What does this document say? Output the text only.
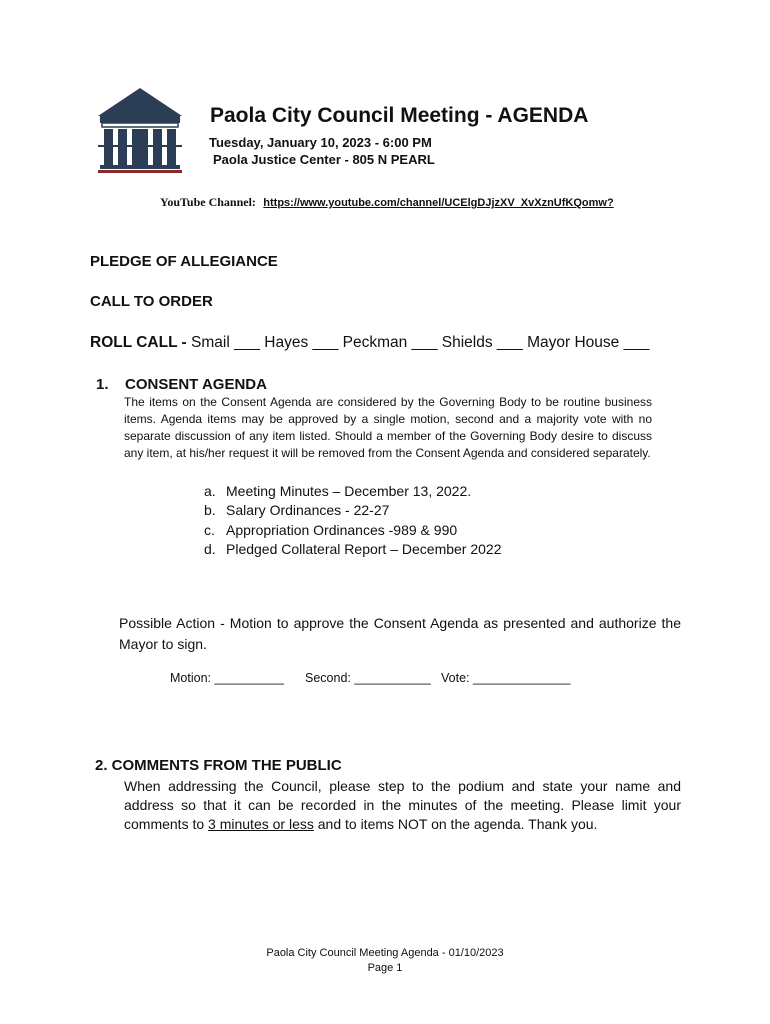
Paola City Council Meeting - AGENDA
Tuesday, January 10, 2023 - 6:00 PM
Paola Justice Center - 805 N PEARL
YouTube Channel: https://www.youtube.com/channel/UCElgDJjzXV_XvXznUfKQomw?
PLEDGE OF ALLEGIANCE
CALL TO ORDER
ROLL CALL - Smail ___ Hayes ___ Peckman ___ Shields ___ Mayor House ___
1. CONSENT AGENDA
The items on the Consent Agenda are considered by the Governing Body to be routine business items. Agenda items may be approved by a single motion, second and a majority vote with no separate discussion of any item listed. Should a member of the Governing Body desire to discuss any item, at his/her request it will be removed from the Consent Agenda and considered separately.
a. Meeting Minutes – December 13, 2022.
b. Salary Ordinances - 22-27
c. Appropriation Ordinances -989 & 990
d. Pledged Collateral Report – December 2022
Possible Action - Motion to approve the Consent Agenda as presented and authorize the Mayor to sign.
Motion: __________ Second: ___________ Vote: ______________
2. COMMENTS FROM THE PUBLIC
When addressing the Council, please step to the podium and state your name and address so that it can be recorded in the minutes of the meeting. Please limit your comments to 3 minutes or less and to items NOT on the agenda. Thank you.
Paola City Council Meeting Agenda - 01/10/2023
Page 1
